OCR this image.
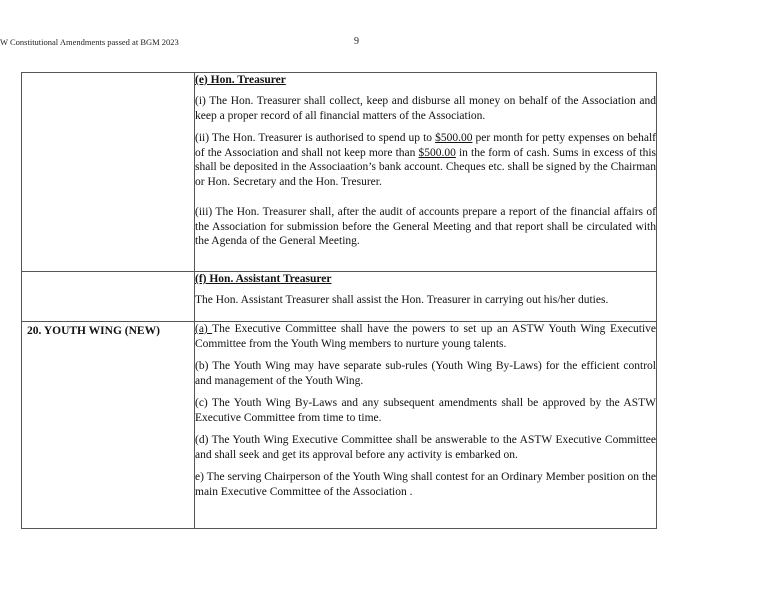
W Constitutional Amendments passed at BGM 2023	9

	(e) Hon. Treasurer
(i) The Hon. Treasurer shall collect, keep and disburse all money on behalf of the Association and keep a proper record of all financial matters of the Association.
(ii) The Hon. Treasurer is authorised to spend up to $500.00 per month for petty expenses on behalf of the Association and shall not keep more than $500.00 in the form of cash. Sums in excess of this shall be deposited in the Associaation’s bank account. Cheques etc. shall be signed by the Chairman or Hon. Secretary and the Hon. Tresurer.
(iii) The Hon. Treasurer shall, after the audit of accounts prepare a report of the financial affairs of the Association for submission before the General Meeting and that report shall be circulated with the Agenda of the General Meeting.

	(f) Hon. Assistant Treasurer
The Hon. Assistant Treasurer shall assist the Hon. Treasurer in carrying out his/her duties.

20. YOUTH WING (NEW)	(a) The Executive Committee shall have the powers to set up an ASTW Youth Wing Executive Committee from the Youth Wing members to nurture young talents.
(b) The Youth Wing may have separate sub-rules (Youth Wing By-Laws) for the efficient control and management of the Youth Wing.
(c) The Youth Wing By-Laws and any subsequent amendments shall be approved by the ASTW Executive Committee from time to time.
(d) The Youth Wing Executive Committee shall be answerable to the ASTW Executive Committee and shall seek and get its approval before any activity is embarked on.
e) The serving Chairperson of the Youth Wing shall contest for an Ordinary Member position on the main Executive Committee of the Association .
